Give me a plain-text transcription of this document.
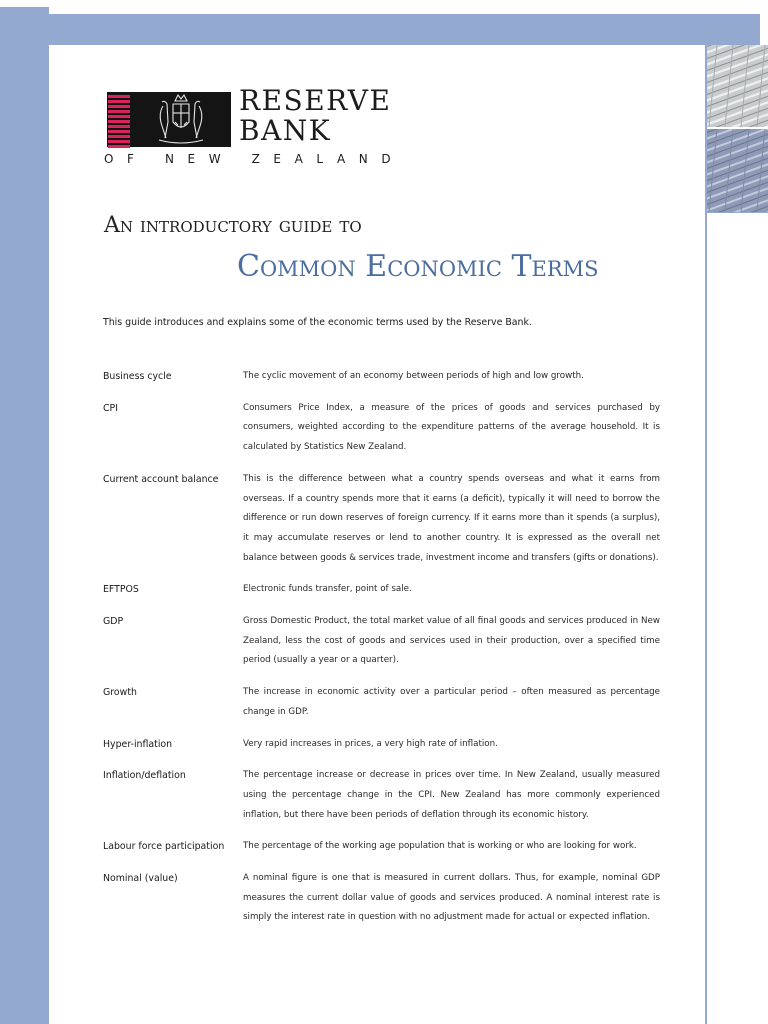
RESERVE
BANK
OF NEW ZEALAND
An introductory guide to
Common Economic Terms
This guide introduces and explains some of the economic terms used by the Reserve Bank.
Business cycle	The cyclic movement of an economy between periods of high and low growth.
CPI	Consumers Price Index, a measure of the prices of goods and services purchased by consumers, weighted according to the expenditure patterns of the average household. It is calculated by Statistics New Zealand.
Current account balance	This is the difference between what a country spends overseas and what it earns from overseas. If a country spends more that it earns (a deficit), typically it will need to borrow the difference or run down reserves of foreign currency. If it earns more than it spends (a surplus), it may accumulate reserves or lend to another country. It is expressed as the overall net balance between goods & services trade, investment income and transfers (gifts or donations).
EFTPOS	Electronic funds transfer, point of sale.
GDP	Gross Domestic Product, the total market value of all final goods and services produced in New Zealand, less the cost of goods and services used in their production, over a specified time period (usually a year or a quarter).
Growth	The increase in economic activity over a particular period – often measured as percentage change in GDP.
Hyper-inflation	Very rapid increases in prices, a very high rate of inflation.
Inflation/deflation	The percentage increase or decrease in prices over time. In New Zealand, usually measured using the percentage change in the CPI. New Zealand has more commonly experienced inflation, but there have been periods of deflation through its economic history.
Labour force participation	The percentage of the working age population that is working or who are looking for work.
Nominal (value)	A nominal figure is one that is measured in current dollars. Thus, for example, nominal GDP measures the current dollar value of goods and services produced. A nominal interest rate is simply the interest rate in question with no adjustment made for actual or expected inflation.
